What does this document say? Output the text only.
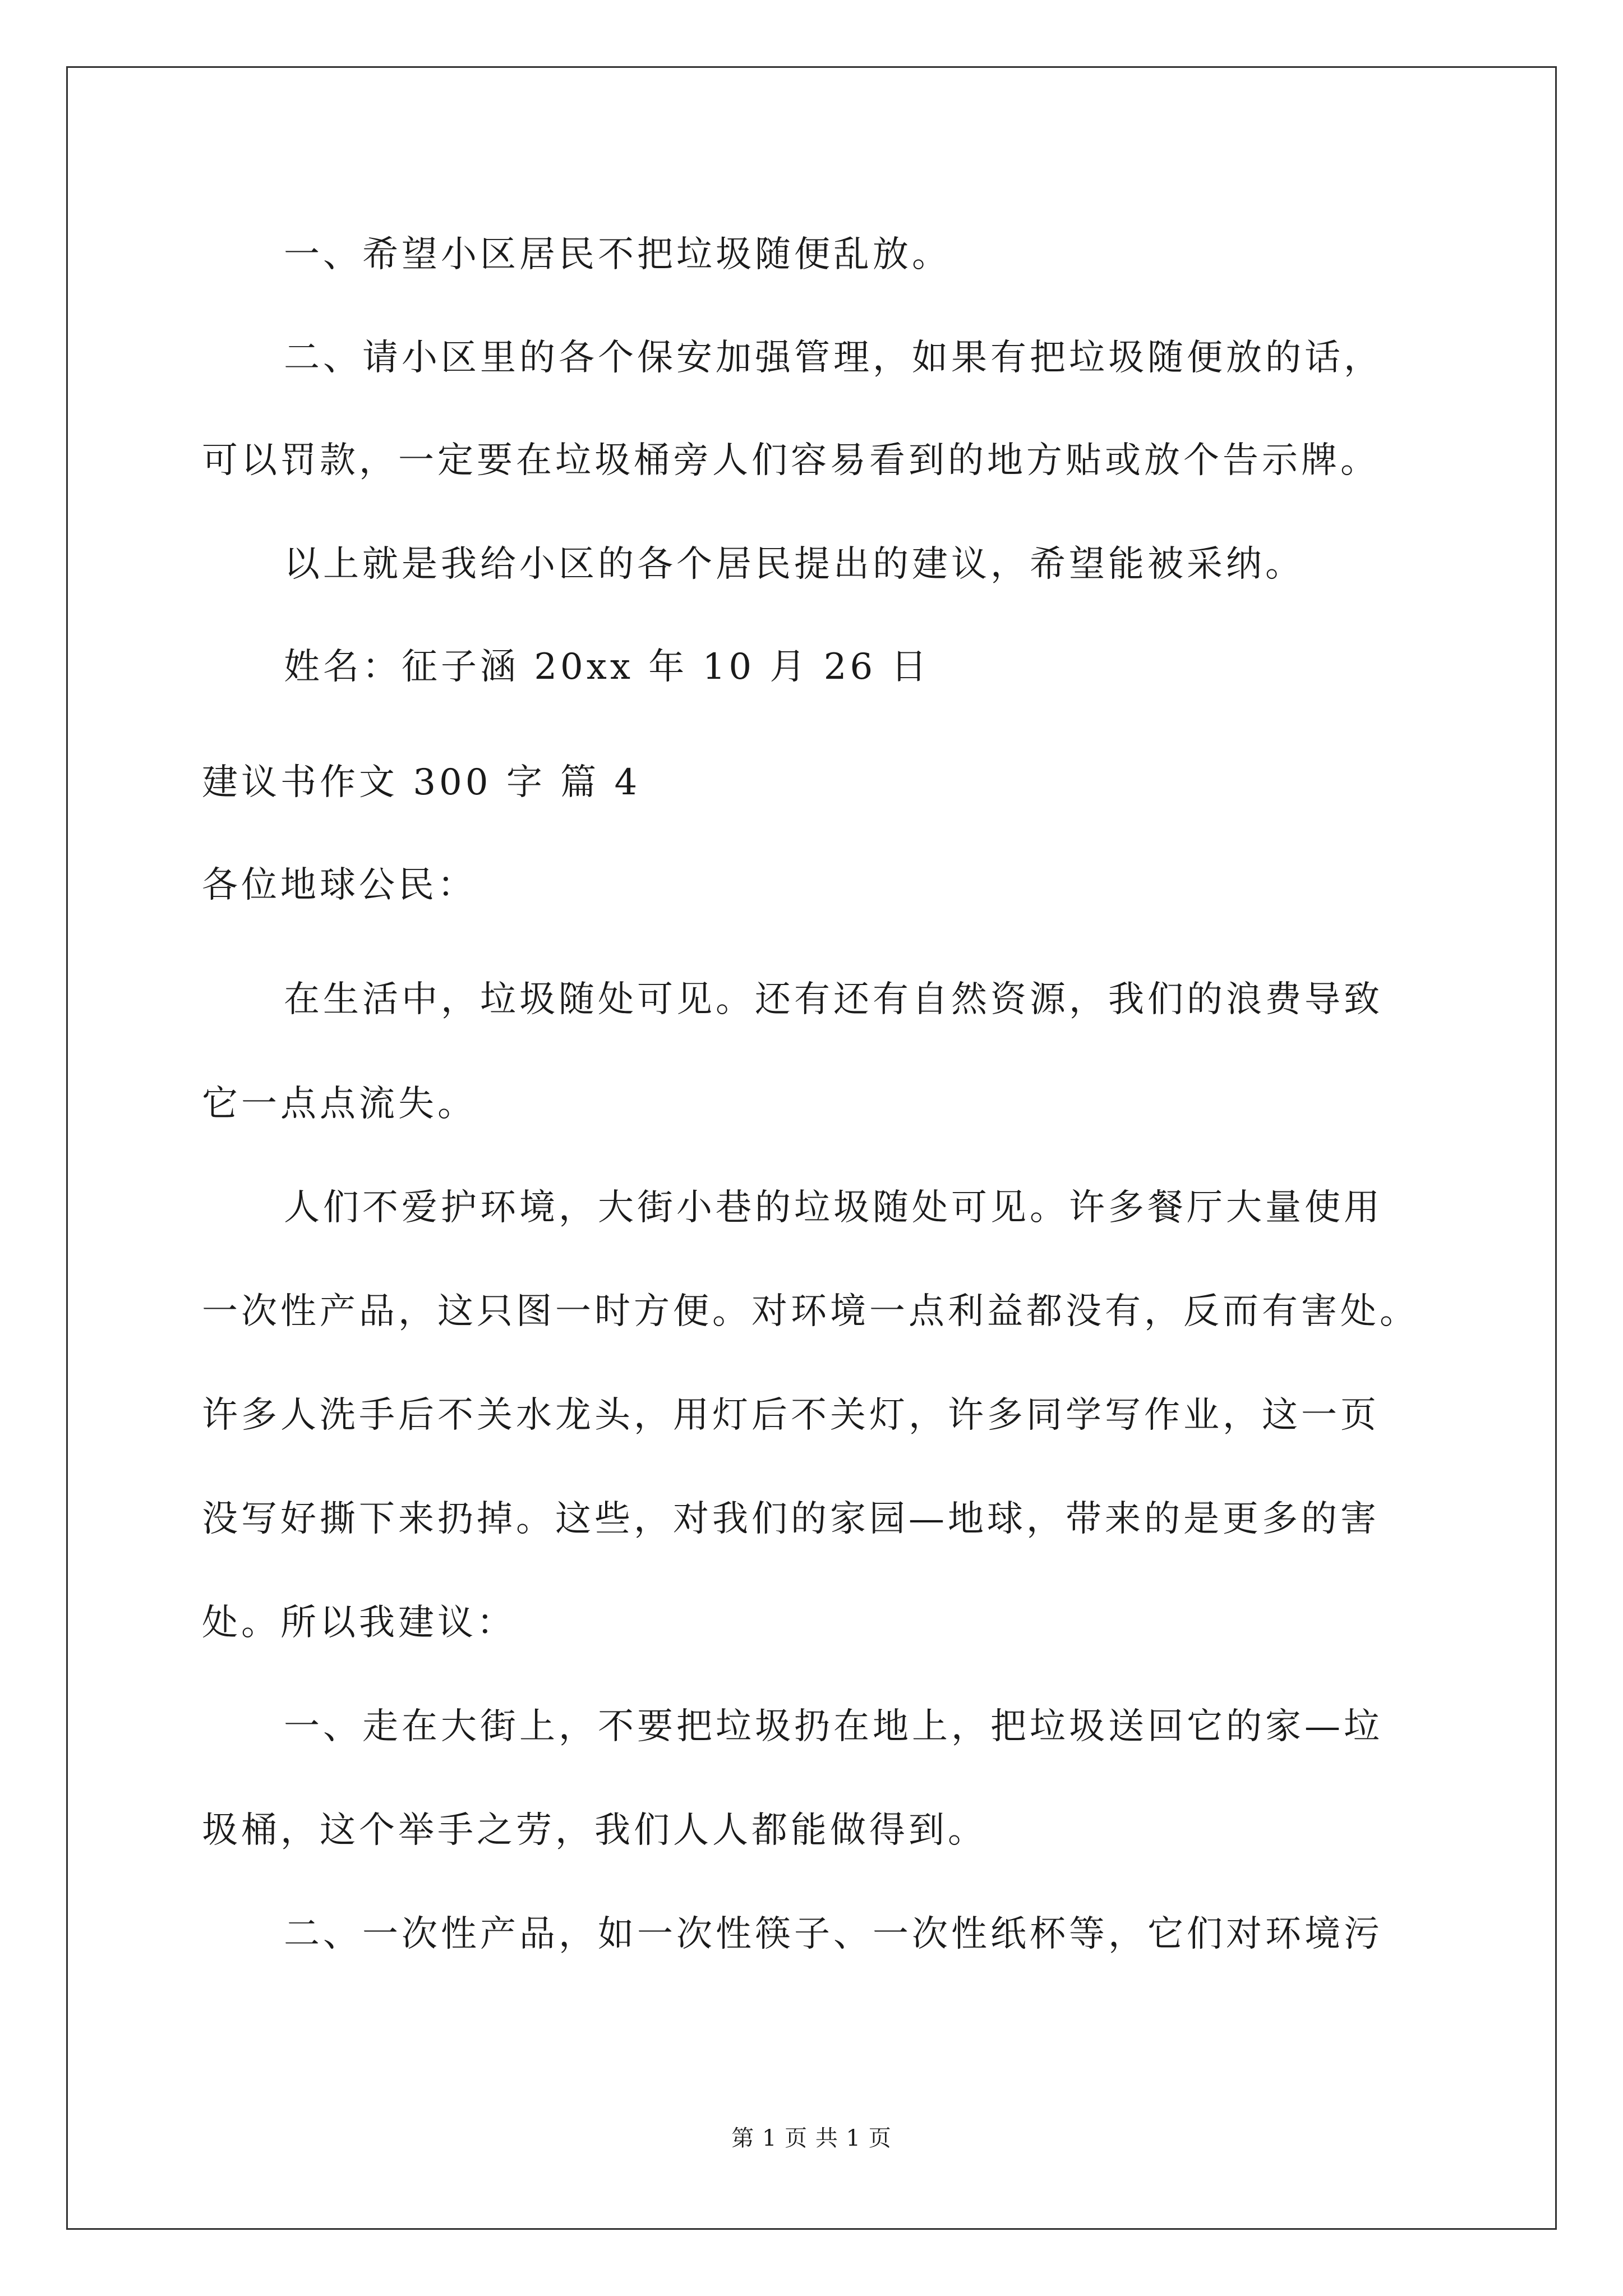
一、希望小区居民不把垃圾随便乱放。
二、请小区里的各个保安加强管理，如果有把垃圾随便放的话，
可以罚款，一定要在垃圾桶旁人们容易看到的地方贴或放个告示牌。
以上就是我给小区的各个居民提出的建议，希望能被采纳。
姓名：征子涵 20xx 年 10 月 26 日
建议书作文 300 字 篇 4
各位地球公民：
在生活中，垃圾随处可见。还有还有自然资源，我们的浪费导致
它一点点流失。
人们不爱护环境，大街小巷的垃圾随处可见。许多餐厅大量使用
一次性产品，这只图一时方便。对环境一点利益都没有，反而有害处。
许多人洗手后不关水龙头，用灯后不关灯，许多同学写作业，这一页
没写好撕下来扔掉。这些，对我们的家园—地球，带来的是更多的害
处。所以我建议：
一、走在大街上，不要把垃圾扔在地上，把垃圾送回它的家—垃
圾桶，这个举手之劳，我们人人都能做得到。
二、一次性产品，如一次性筷子、一次性纸杯等，它们对环境污
第 1 页 共 1 页
